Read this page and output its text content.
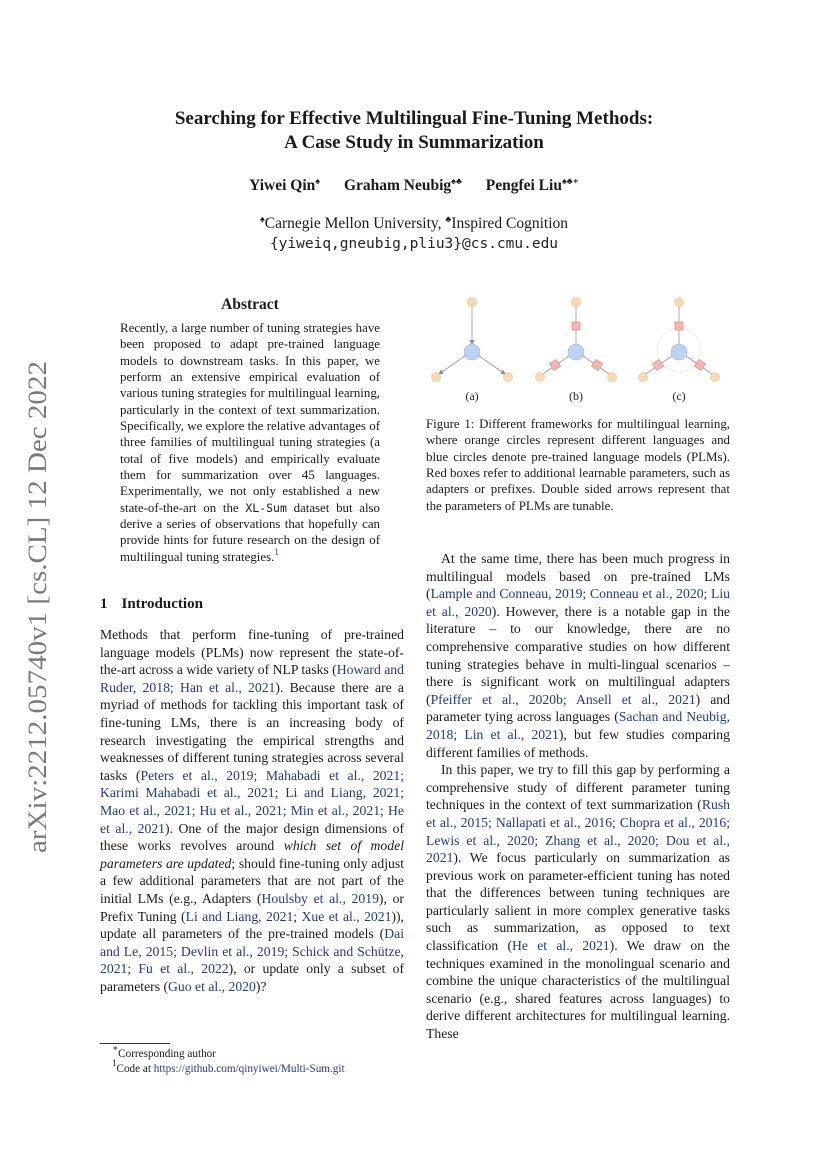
arXiv:2212.05740v1 [cs.CL] 12 Dec 2022
Searching for Effective Multilingual Fine-Tuning Methods:
A Case Study in Summarization
Yiwei Qin♠ Graham Neubig♠♣ Pengfei Liu♠♣∗
♠Carnegie Mellon University, ♣Inspired Cognition
{yiweiq,gneubig,pliu3}@cs.cmu.edu
Abstract
Recently, a large number of tuning strategies have been proposed to adapt pre-trained language models to downstream tasks. In this paper, we perform an extensive empirical evaluation of various tuning strategies for multilingual learning, particularly in the context of text summarization. Specifically, we explore the relative advantages of three families of multilingual tuning strategies (a total of five models) and empirically evaluate them for summarization over 45 languages. Experimentally, we not only established a new state-of-the-art on the XL-Sum dataset but also derive a series of observations that hopefully can provide hints for future research on the design of multilingual tuning strategies.$^1$
1 Introduction

Methods that perform fine-tuning of pre-trained language models (PLMs) now represent the state-of-the-art across a wide variety of NLP tasks (Howard and Ruder, 2018; Han et al., 2021). Because there are a myriad of methods for tackling this important task of fine-tuning LMs, there is an increasing body of research investigating the empirical strengths and weaknesses of different tuning strategies across several tasks (Peters et al., 2019; Mahabadi et al., 2021; Karimi Mahabadi et al., 2021; Li and Liang, 2021; Mao et al., 2021; Hu et al., 2021; Min et al., 2021; He et al., 2021). One of the major design dimensions of these works revolves around which set of model parameters are updated; should fine-tuning only adjust a few additional parameters that are not part of the initial LMs (e.g., Adapters (Houlsby et al., 2019), or Prefix Tuning (Li and Liang, 2021; Xue et al., 2021)), update all parameters of the pre-trained models (Dai and Le, 2015; Devlin et al., 2019; Schick and Schütze, 2021; Fu et al., 2022), or update only a subset of parameters (Guo et al., 2020)?

∗Corresponding author
$^1$Code at https://github.com/qinyiwei/Multi-Sum.git
(a)	(b)	(c)
Figure 1: Different frameworks for multilingual learning, where orange circles represent different languages and blue circles denote pre-trained language models (PLMs). Red boxes refer to additional learnable parameters, such as adapters or prefixes. Double sided arrows represent that the parameters of PLMs are tunable.

At the same time, there has been much progress in multilingual models based on pre-trained LMs (Lample and Conneau, 2019; Conneau et al., 2020; Liu et al., 2020). However, there is a notable gap in the literature – to our knowledge, there are no comprehensive comparative studies on how different tuning strategies behave in multi-lingual scenarios – there is significant work on multilingual adapters (Pfeiffer et al., 2020b; Ansell et al., 2021) and parameter tying across languages (Sachan and Neubig, 2018; Lin et al., 2021), but few studies comparing different families of methods.

In this paper, we try to fill this gap by performing a comprehensive study of different parameter tuning techniques in the context of text summarization (Rush et al., 2015; Nallapati et al., 2016; Chopra et al., 2016; Lewis et al., 2020; Zhang et al., 2020; Dou et al., 2021). We focus particularly on summarization as previous work on parameter-efficient tuning has noted that the differences between tuning techniques are particularly salient in more complex generative tasks such as summarization, as opposed to text classification (He et al., 2021). We draw on the techniques examined in the monolingual scenario and combine the unique characteristics of the multilingual scenario (e.g., shared features across languages) to derive different architectures for multilingual learning. These
